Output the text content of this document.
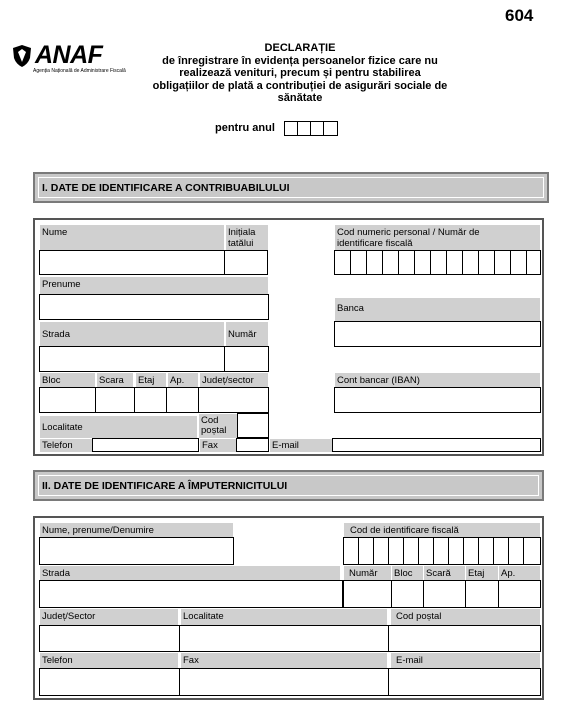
604
ANAF
Agenția Națională de Administrare Fiscală
DECLARAȚIE
de înregistrare în evidența persoanelor fizice care nu
realizează venituri, precum și pentru stabilirea
obligațiilor de plată a contribuției de asigurări sociale de
sănătate
pentru anul
I. DATE DE IDENTIFICARE A CONTRIBUABILULUI
Nume	Inițiala
tatălui
Cod numeric personal / Număr de
identificare fiscală
Prenume
Banca
Strada	Număr
Bloc	Scara	Etaj	Ap.	Județ/sector	Cont bancar (IBAN)
Localitate
Cod
poștal
Telefon	Fax	E-mail
II. DATE DE IDENTIFICARE A ÎMPUTERNICITULUI
Nume, prenume/Denumire	Cod de identificare fiscală
Strada	Număr	Bloc	Scară	Etaj	Ap.
Județ/Sector	Localitate	Cod poștal
Telefon	Fax	E-mail
